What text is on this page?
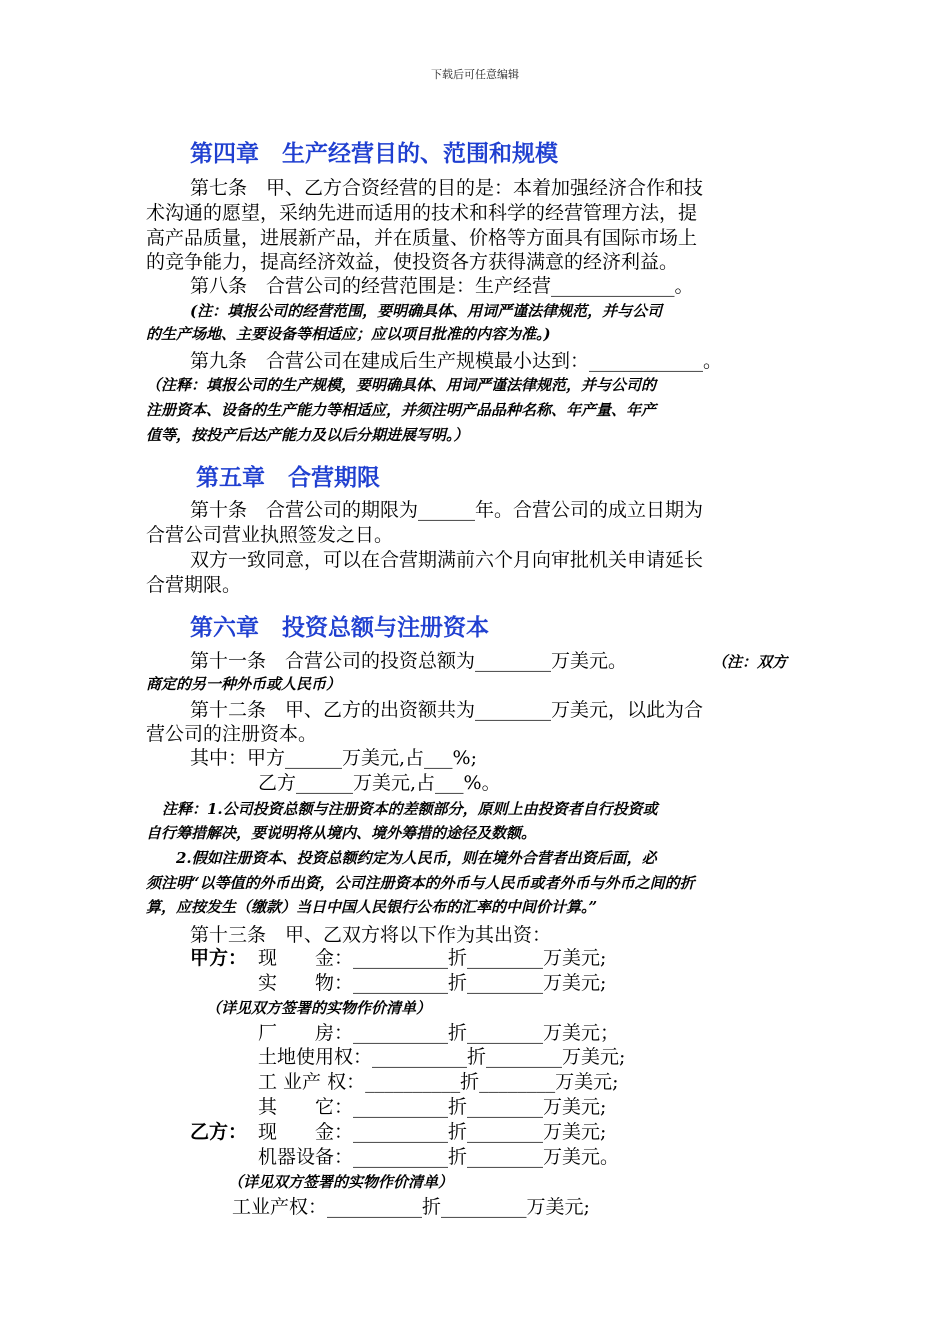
下载后可任意编辑
第四章　生产经营目的、范围和规模
第七条　甲、乙方合资经营的目的是：本着加强经济合作和技
术沟通的愿望，采纳先进而适用的技术和科学的经营管理方法，提
高产品质量，进展新产品，并在质量、价格等方面具有国际市场上
的竞争能力，提高经济效益，使投资各方获得满意的经济利益。
第八条　合营公司的经营范围是：生产经营_____________。
(注：填报公司的经营范围，要明确具体、用词严谨法律规范，并与公司
的生产场地、主要设备等相适应；应以项目批准的内容为准。)
第九条　合营公司在建成后生产规模最小达到：____________。
（注释：填报公司的生产规模，要明确具体、用词严谨法律规范，并与公司的
注册资本、设备的生产能力等相适应，并须注明产品品种名称、年产量、年产
值等，按投产后达产能力及以后分期进展写明。）
第五章　合营期限
第十条　合营公司的期限为______年。合营公司的成立日期为
合营公司营业执照签发之日。
双方一致同意，可以在合营期满前六个月向审批机关申请延长
合营期限。
第六章　投资总额与注册资本
第十一条　合营公司的投资总额为________万美元。	（注：双方
商定的另一种外币或人民币）
第十二条　甲、乙方的出资额共为________万美元，以此为合
营公司的注册资本。
其中：甲方______万美元,占___%;
乙方______万美元,占___%。
注释：1.公司投资总额与注册资本的差额部分，原则上由投资者自行投资或
自行筹措解决，要说明将从境内、境外筹措的途径及数额。
2.假如注册资本、投资总额约定为人民币，则在境外合营者出资后面，必
须注明“以等值的外币出资，公司注册资本的外币与人民币或者外币与外币之间的折
算，应按发生（缴款）当日中国人民银行公布的汇率的中间价计算。”
第十三条　甲、乙双方将以下作为其出资：
甲方： 现　　金：__________折________万美元;
实　　物：__________折________万美元;
（详见双方签署的实物作价清单）
厂　　房：__________折________万美元；
土地使用权：__________折________万美元;
工 业产 权：__________折________万美元;
其　　它：__________折________万美元;
乙方： 现　　金：__________折________万美元;
机器设备：__________折________万美元。
（详见双方签署的实物作价清单）
工业产权：__________折_________万美元;
